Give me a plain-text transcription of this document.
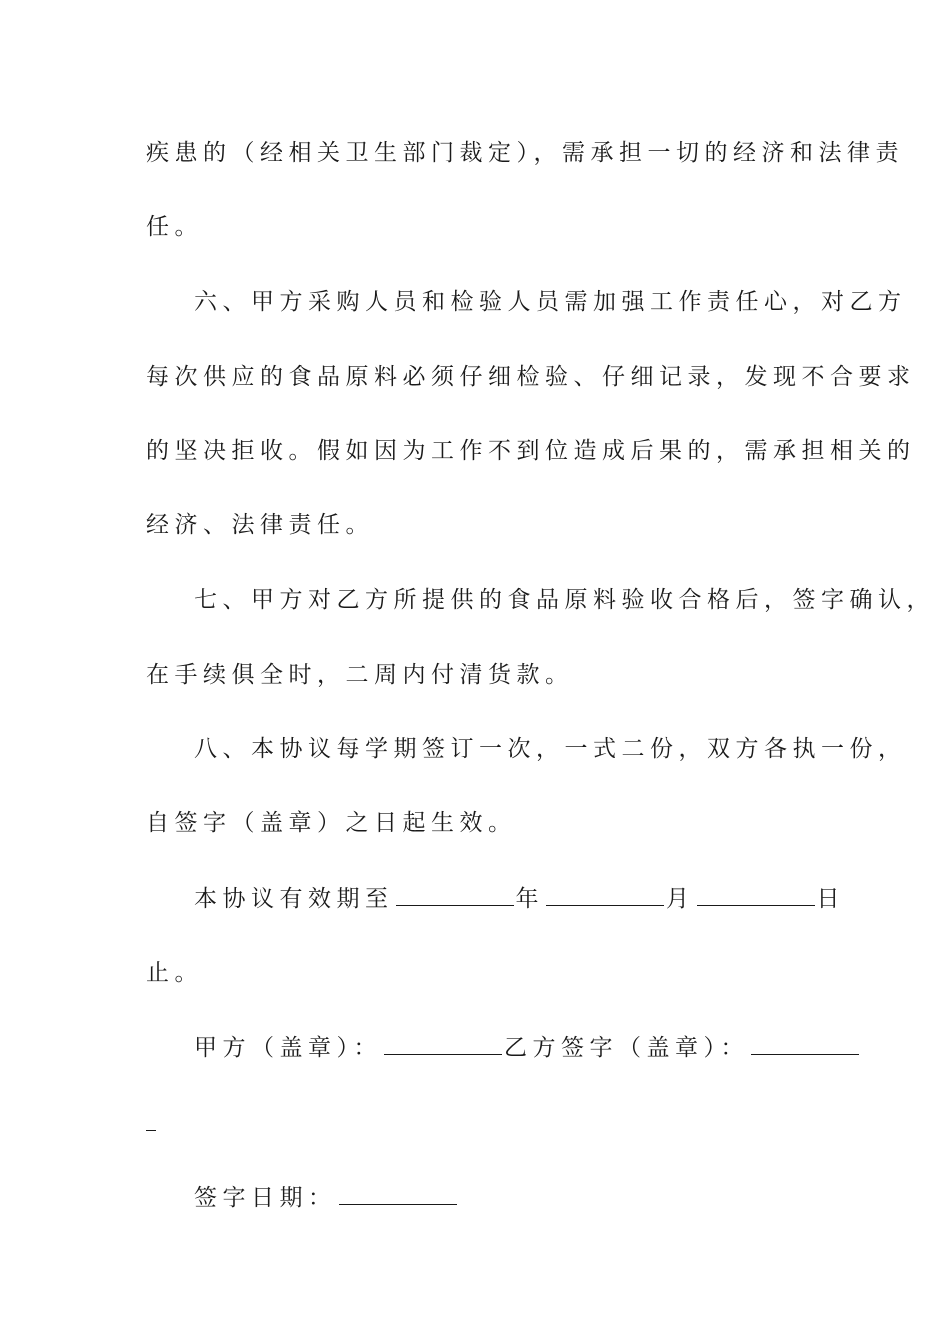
疾患的（经相关卫生部门裁定），需承担一切的经济和法律责
任。
六、甲方采购人员和检验人员需加强工作责任心，对乙方
每次供应的食品原料必须仔细检验、仔细记录，发现不合要求
的坚决拒收。假如因为工作不到位造成后果的，需承担相关的
经济、法律责任。
七、甲方对乙方所提供的食品原料验收合格后，签字确认，
在手续俱全时，二周内付清货款。
八、本协议每学期签订一次，一式二份，双方各执一份，
自签字（盖章）之日起生效。
本协议有效期至	年	月	日
止。
甲方（盖章）：	乙方签字（盖章）：
签字日期：
